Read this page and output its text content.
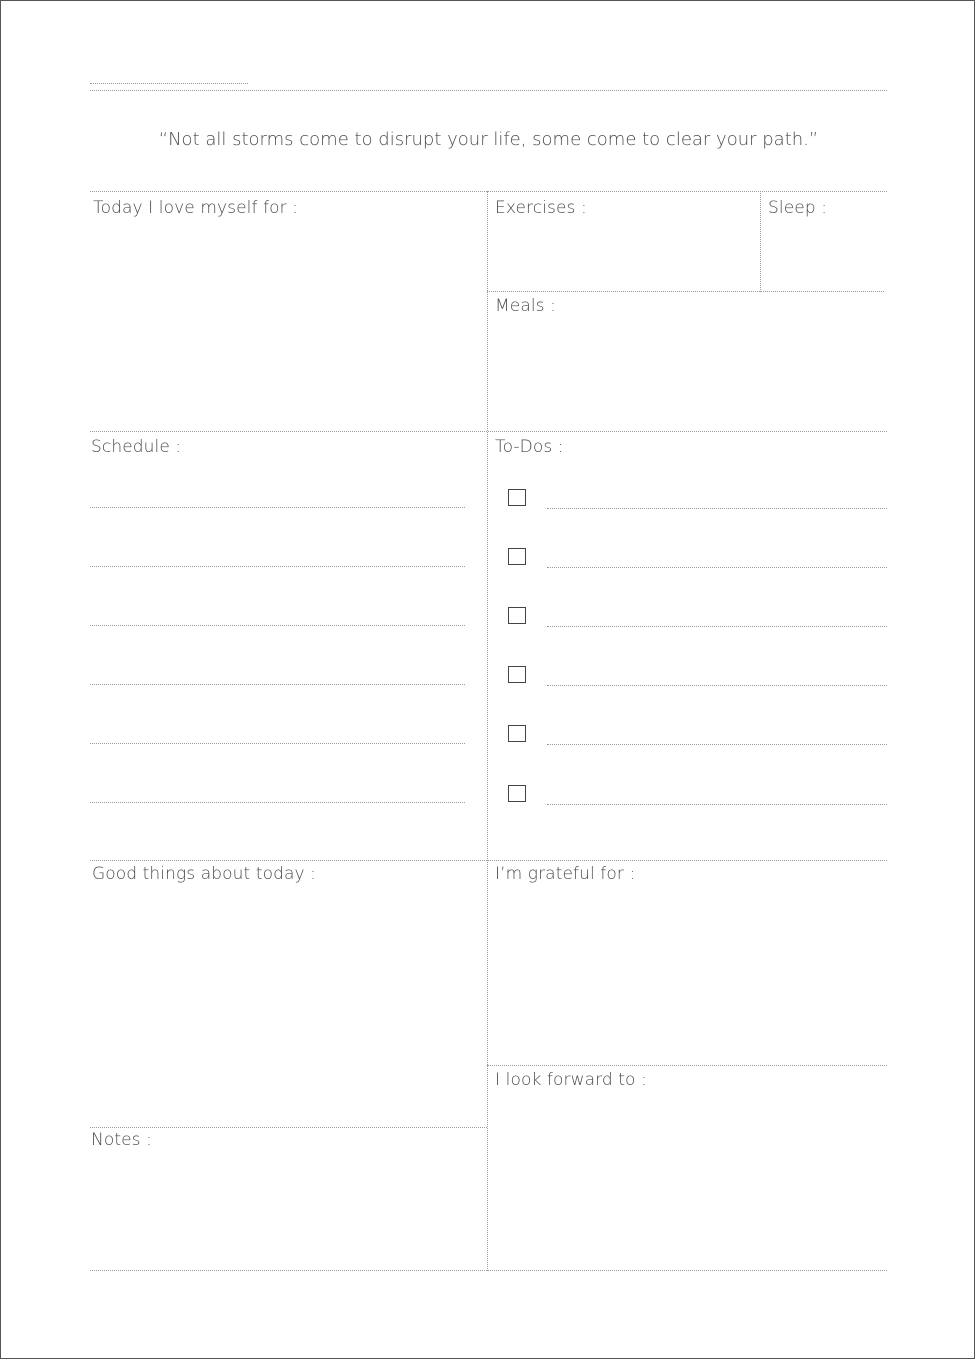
“Not all storms come to disrupt your life, some come to clear your path.”
Today I love myself for :	Exercises :	Sleep :
Meals :
Schedule :	To-Dos :
Good things about today :	I’m grateful for :
I look forward to :
Notes :
